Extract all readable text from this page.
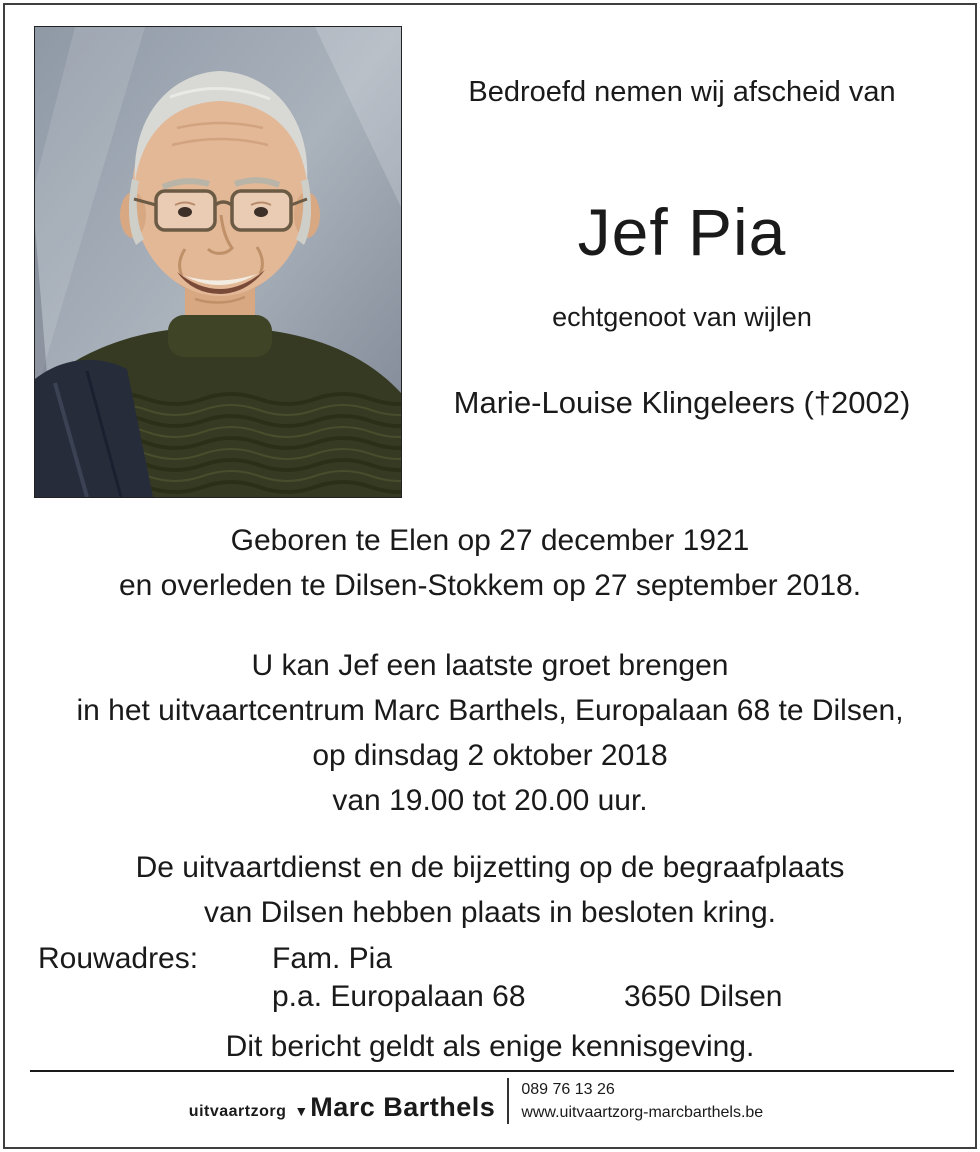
Bedroefd nemen wij afscheid van

Jef Pia

echtgenoot van wijlen

Marie-Louise Klingeleers (†2002)

Geboren te Elen op 27 december 1921

en overleden te Dilsen-Stokkem op 27 september 2018.

U kan Jef een laatste groet brengen

in het uitvaartcentrum Marc Barthels, Europalaan 68 te Dilsen,

op dinsdag 2 oktober 2018

van 19.00 tot 20.00 uur.

De uitvaartdienst en de bijzetting op de begraafplaats

van Dilsen hebben plaats in besloten kring.

Rouwadres: Fam. Pia
p.a. Europalaan 68	3650 Dilsen
Dit bericht geldt als enige kennisgeving.
uitvaartzorg ▼ Marc Barthels
089 76 13 26
www.uitvaartzorg-marcbarthels.be
